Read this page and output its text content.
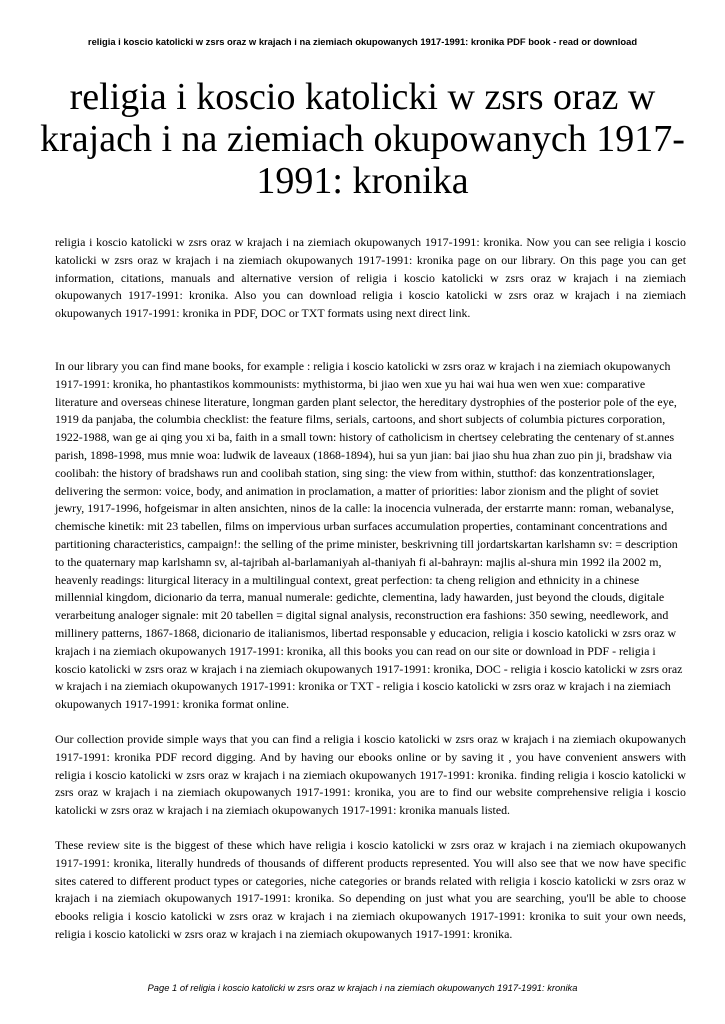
religia i koscio katolicki w zsrs oraz w krajach i na ziemiach okupowanych 1917-1991: kronika PDF book - read or download
religia i koscio katolicki w zsrs oraz w krajach i na ziemiach okupowanych 1917-1991: kronika

religia i koscio katolicki w zsrs oraz w krajach i na ziemiach okupowanych 1917-1991: kronika. Now you can see religia i koscio katolicki w zsrs oraz w krajach i na ziemiach okupowanych 1917-1991: kronika page on our library. On this page you can get information, citations, manuals and alternative version of religia i koscio katolicki w zsrs oraz w krajach i na ziemiach okupowanych 1917-1991: kronika. Also you can download religia i koscio katolicki w zsrs oraz w krajach i na ziemiach okupowanych 1917-1991: kronika in PDF, DOC or TXT formats using next direct link.

In our library you can find mane books, for example : religia i koscio katolicki w zsrs oraz w krajach i na ziemiach okupowanych 1917-1991: kronika, ho phantastikos kommounists: mythistorma, bi jiao wen xue yu hai wai hua wen wen xue: comparative literature and overseas chinese literature, longman garden plant selector, the hereditary dystrophies of the posterior pole of the eye, 1919 da panjaba, the columbia checklist: the feature films, serials, cartoons, and short subjects of columbia pictures corporation, 1922-1988, wan ge ai qing you xi ba, faith in a small town: history of catholicism in chertsey celebrating the centenary of st.annes parish, 1898-1998, mus mnie woa: ludwik de laveaux (1868-1894), hui sa yun jian: bai jiao shu hua zhan zuo pin ji, bradshaw via coolibah: the history of bradshaws run and coolibah station, sing sing: the view from within, stutthof: das konzentrationslager, delivering the sermon: voice, body, and animation in proclamation, a matter of priorities: labor zionism and the plight of soviet jewry, 1917-1996, hofgeismar in alten ansichten, ninos de la calle: la inocencia vulnerada, der erstarrte mann: roman, webanalyse, chemische kinetik: mit 23 tabellen, films on impervious urban surfaces accumulation properties, contaminant concentrations and partitioning characteristics, campaign!: the selling of the prime minister, beskrivning till jordartskartan karlshamn sv: = description to the quaternary map karlshamn sv, al-tajribah al-barlamaniyah al-thaniyah fi al-bahrayn: majlis al-shura min 1992 ila 2002 m, heavenly readings: liturgical literacy in a multilingual context, great perfection: ta cheng religion and ethnicity in a chinese millennial kingdom, dicionario da terra, manual numerale: gedichte, clementina, lady hawarden, just beyond the clouds, digitale verarbeitung analoger signale: mit 20 tabellen = digital signal analysis, reconstruction era fashions: 350 sewing, needlework, and millinery patterns, 1867-1868, dicionario de italianismos, libertad responsable y educacion, religia i koscio katolicki w zsrs oraz w krajach i na ziemiach okupowanych 1917-1991: kronika, all this books you can read on our site or download in PDF - religia i koscio katolicki w zsrs oraz w krajach i na ziemiach okupowanych 1917-1991: kronika, DOC - religia i koscio katolicki w zsrs oraz w krajach i na ziemiach okupowanych 1917-1991: kronika or TXT - religia i koscio katolicki w zsrs oraz w krajach i na ziemiach okupowanych 1917-1991: kronika format online.

Our collection provide simple ways that you can find a religia i koscio katolicki w zsrs oraz w krajach i na ziemiach okupowanych 1917-1991: kronika PDF record digging. And by having our ebooks online or by saving it , you have convenient answers with religia i koscio katolicki w zsrs oraz w krajach i na ziemiach okupowanych 1917-1991: kronika. finding religia i koscio katolicki w zsrs oraz w krajach i na ziemiach okupowanych 1917-1991: kronika, you are to find our website comprehensive religia i koscio katolicki w zsrs oraz w krajach i na ziemiach okupowanych 1917-1991: kronika manuals listed.

These review site is the biggest of these which have religia i koscio katolicki w zsrs oraz w krajach i na ziemiach okupowanych 1917-1991: kronika, literally hundreds of thousands of different products represented. You will also see that we now have specific sites catered to different product types or categories, niche categories or brands related with religia i koscio katolicki w zsrs oraz w krajach i na ziemiach okupowanych 1917-1991: kronika. So depending on just what you are searching, you'll be able to choose ebooks religia i koscio katolicki w zsrs oraz w krajach i na ziemiach okupowanych 1917-1991: kronika to suit your own needs, religia i koscio katolicki w zsrs oraz w krajach i na ziemiach okupowanych 1917-1991: kronika.

Page 1 of religia i koscio katolicki w zsrs oraz w krajach i na ziemiach okupowanych 1917-1991: kronika
